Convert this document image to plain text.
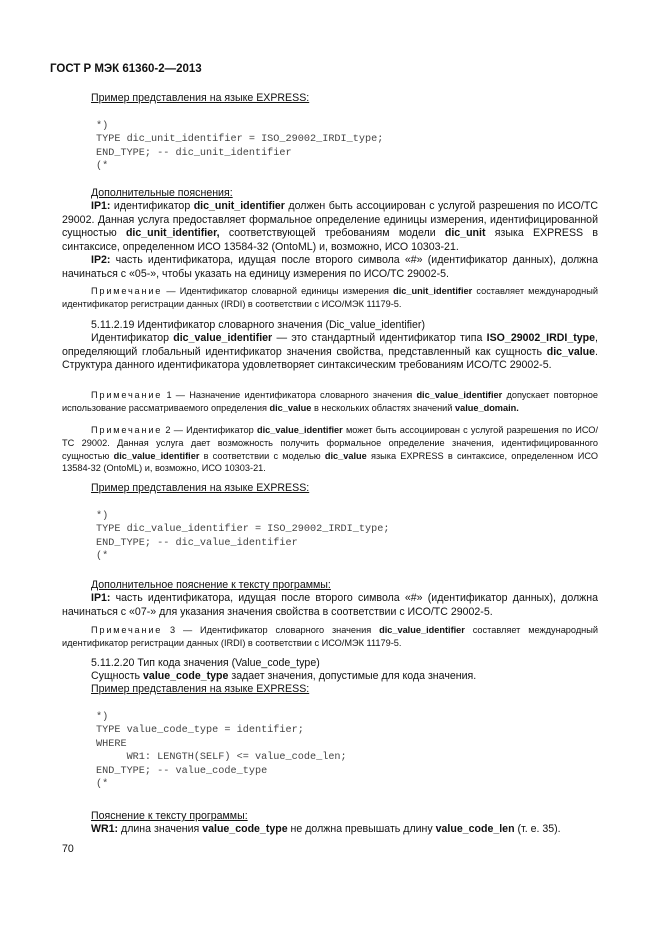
ГОСТ Р МЭК 61360-2—2013
Пример представления на языке EXPRESS:
*)
TYPE dic_unit_identifier = ISO_29002_IRDI_type;
END_TYPE; -- dic_unit_identifier
(*
Дополнительные пояснения:

IP1: идентификатор dic_unit_identifier должен быть ассоциирован с услугой разрешения по ИСО/ТС 29002. Данная услуга предоставляет формальное определение единицы измерения, идентифицированной сущностью dic_unit_identifier, соответствующей требованиям модели dic_unit языка EXPRESS в синтаксисе, определенном ИСО 13584-32 (OntoML) и, возможно, ИСО 10303-21.

IP2: часть идентификатора, идущая после второго символа «#» (идентификатор данных), должна начинаться с «05-», чтобы указать на единицу измерения по ИСО/ТС 29002-5.

Примечание — Идентификатор словарной единицы измерения dic_unit_identifier составляет международный идентификатор регистрации данных (IRDI) в соответствии с ИСО/МЭК 11179-5.

5.11.2.19 Идентификатор словарного значения (Dic_value_identifier)

Идентификатор dic_value_identifier — это стандартный идентификатор типа ISO_29002_IRDI_type, определяющий глобальный идентификатор значения свойства, представленный как сущность dic_value. Структура данного идентификатора удовлетворяет синтаксическим требованиям ИСО/ТС 29002-5.

Примечание 1 — Назначение идентификатора словарного значения dic_value_identifier допускает повторное использование рассматриваемого определения dic_value в нескольких областях значений value_domain.

Примечание 2 — Идентификатор dic_value_identifier может быть ассоциирован с услугой разрешения по ИСО/ТС 29002. Данная услуга дает возможность получить формальное определение значения, идентифицированного сущностью dic_value_identifier в соответствии с моделью dic_value языка EXPRESS в синтаксисе, определенном ИСО 13584-32 (OntoML) и, возможно, ИСО 10303-21.

Пример представления на языке EXPRESS:
*)
TYPE dic_value_identifier = ISO_29002_IRDI_type;
END_TYPE; -- dic_value_identifier
(*
Дополнительное пояснение к тексту программы:

IP1: часть идентификатора, идущая после второго символа «#» (идентификатор данных), должна начинаться с «07-» для указания значения свойства в соответствии с ИСО/ТС 29002-5.

Примечание 3 — Идентификатор словарного значения dic_value_identifier составляет международный идентификатор регистрации данных (IRDI) в соответствии с ИСО/МЭК 11179-5.

5.11.2.20 Тип кода значения (Value_code_type)
Сущность value_code_type задает значения, допустимые для кода значения.
Пример представления на языке EXPRESS:
*)
TYPE value_code_type = identifier;
WHERE
WR1: LENGTH(SELF) <= value_code_len;
END_TYPE; -- value_code_type
(*
Пояснение к тексту программы:
WR1: длина значения value_code_type не должна превышать длину value_code_len (т. е. 35).
70
